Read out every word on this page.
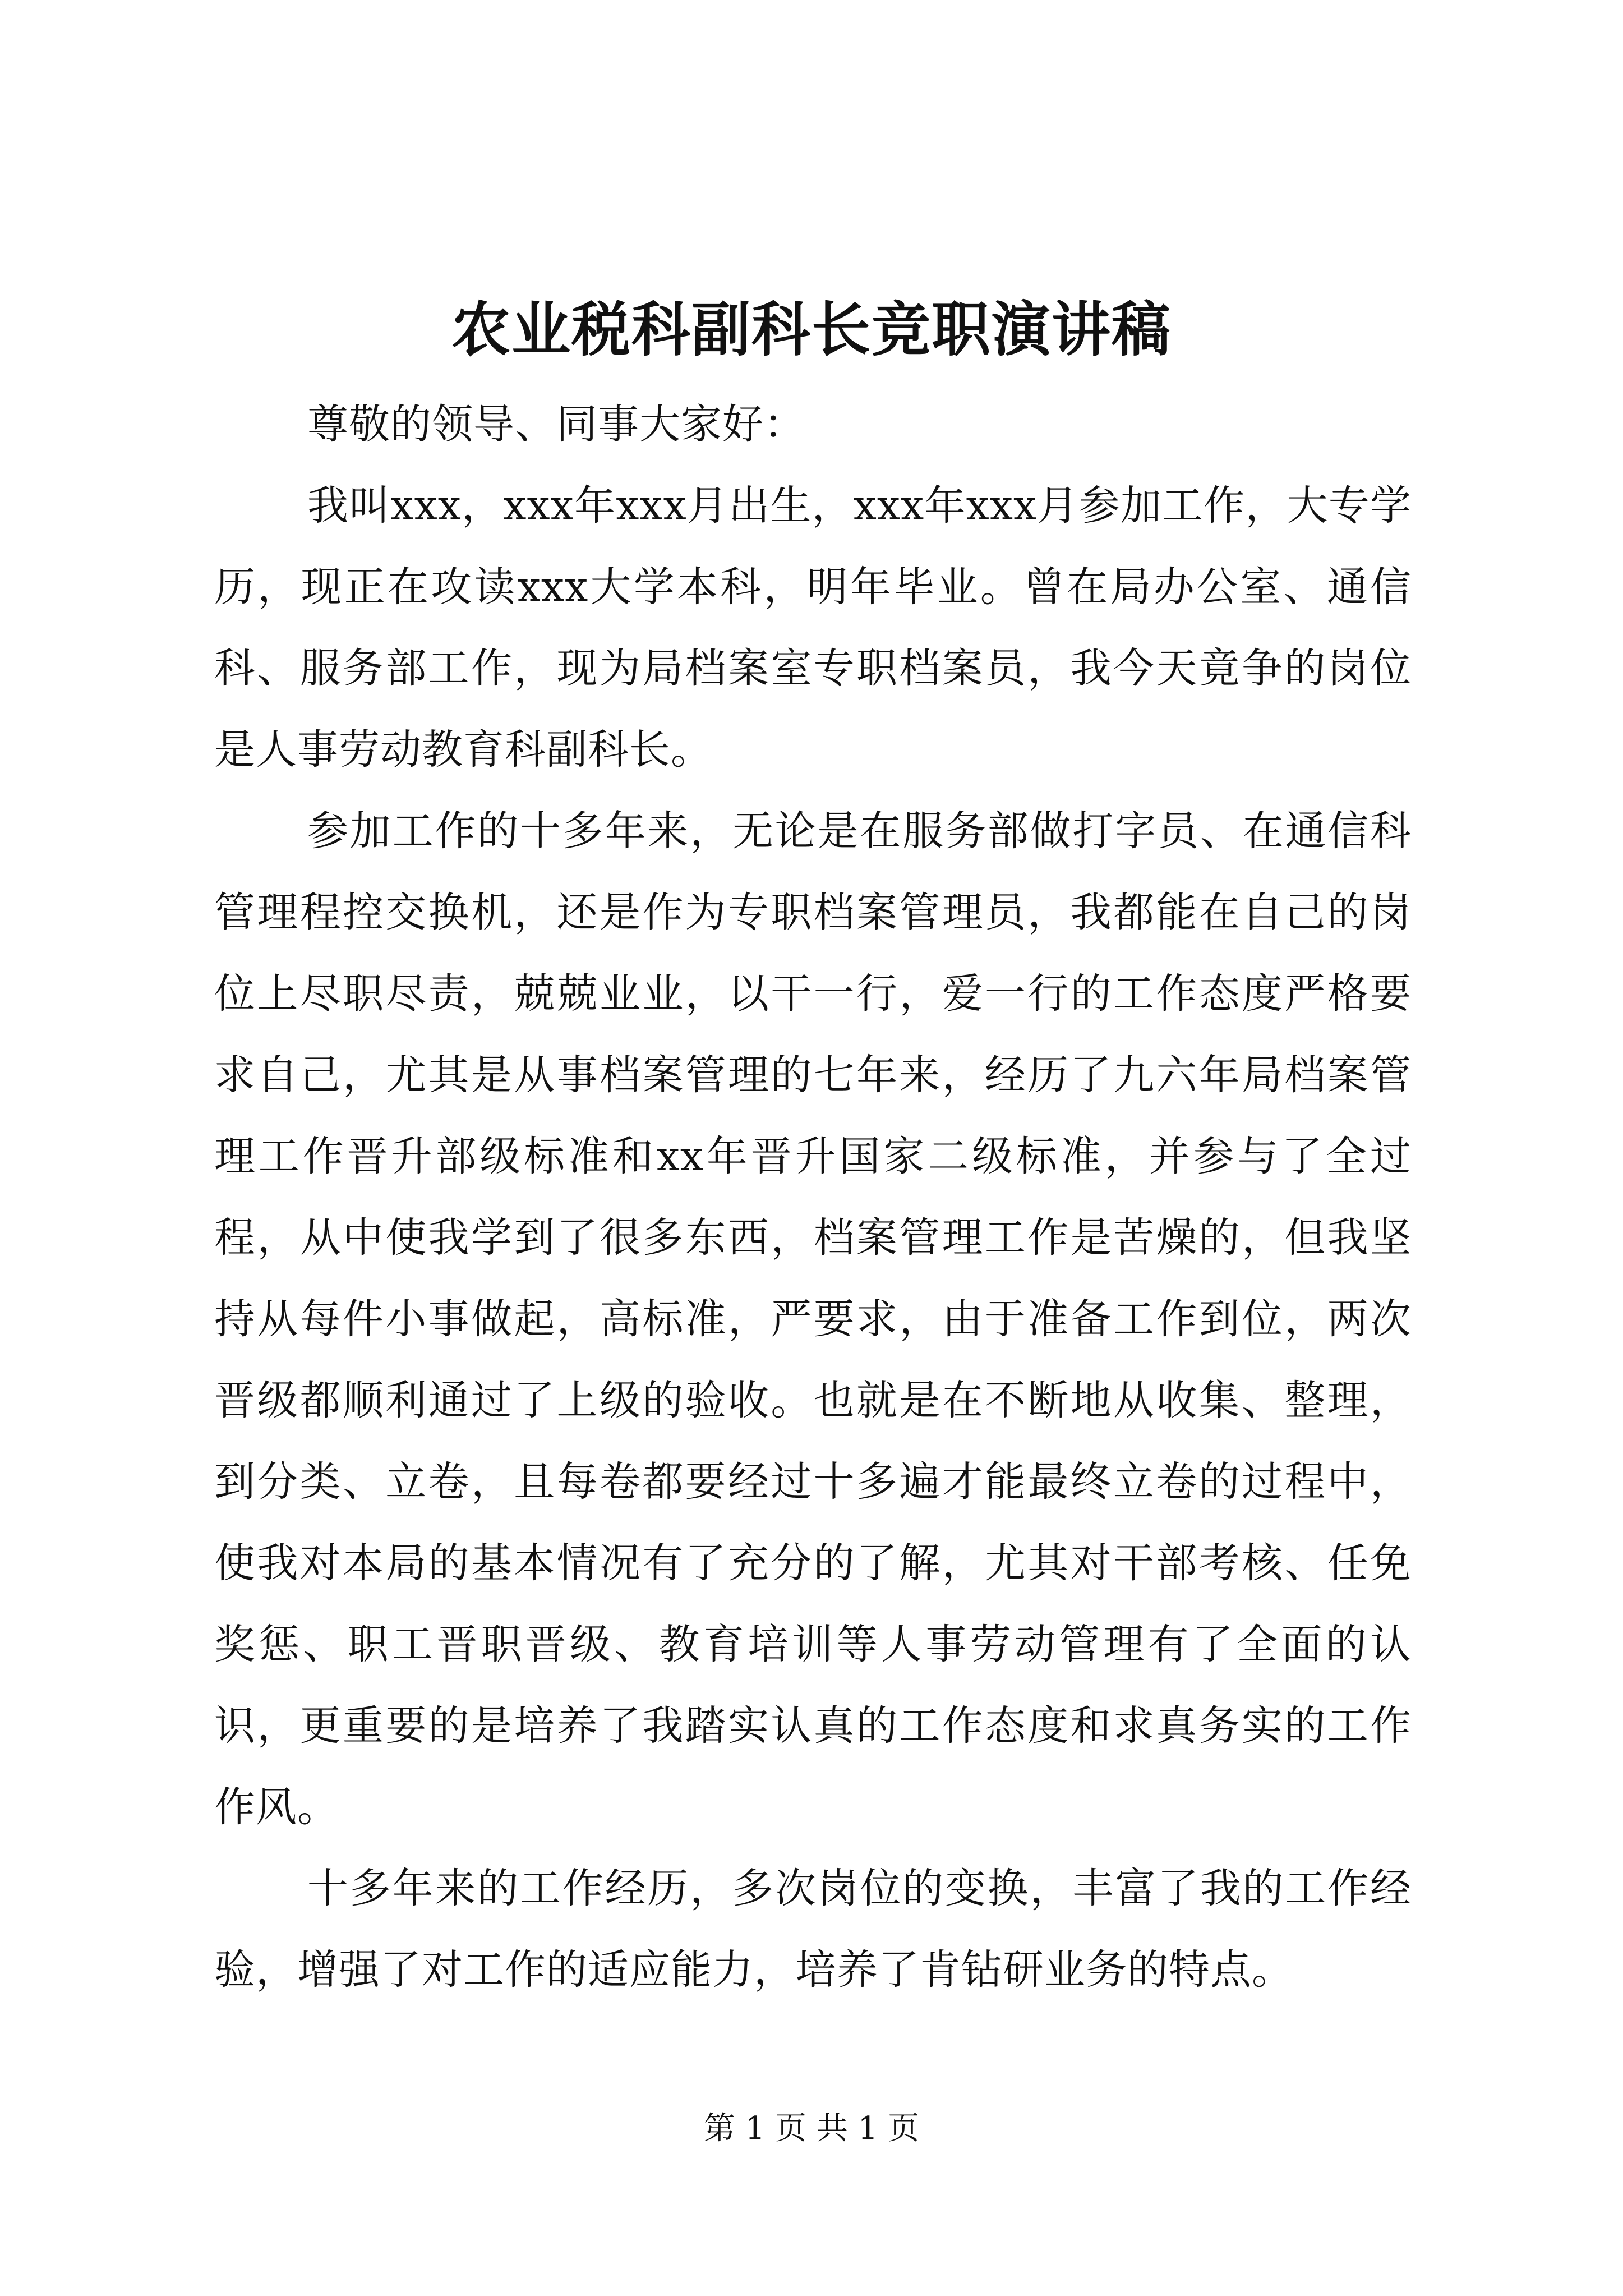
农业税科副科长竞职演讲稿

尊敬的领导、同事大家好：

我叫xxx，xxx年xxx月出生，xxx年xxx月参加工作，大专学历，现正在攻读xxx大学本科，明年毕业。曾在局办公室、通信科、服务部工作，现为局档案室专职档案员，我今天竟争的岗位是人事劳动教育科副科长。

参加工作的十多年来，无论是在服务部做打字员、在通信科管理程控交换机，还是作为专职档案管理员，我都能在自己的岗位上尽职尽责，兢兢业业，以干一行，爱一行的工作态度严格要求自己，尤其是从事档案管理的七年来，经历了九六年局档案管理工作晋升部级标准和xx年晋升国家二级标准，并参与了全过程，从中使我学到了很多东西，档案管理工作是苦燥的，但我坚持从每件小事做起，高标准，严要求，由于准备工作到位，两次晋级都顺利通过了上级的验收。也就是在不断地从收集、整理，到分类、立卷，且每卷都要经过十多遍才能最终立卷的过程中，使我对本局的基本情况有了充分的了解，尤其对干部考核、任免奖惩、职工晋职晋级、教育培训等人事劳动管理有了全面的认识，更重要的是培养了我踏实认真的工作态度和求真务实的工作作风。

十多年来的工作经历，多次岗位的变换，丰富了我的工作经验，增强了对工作的适应能力，培养了肯钻研业务的特点。

第 1 页 共 1 页
